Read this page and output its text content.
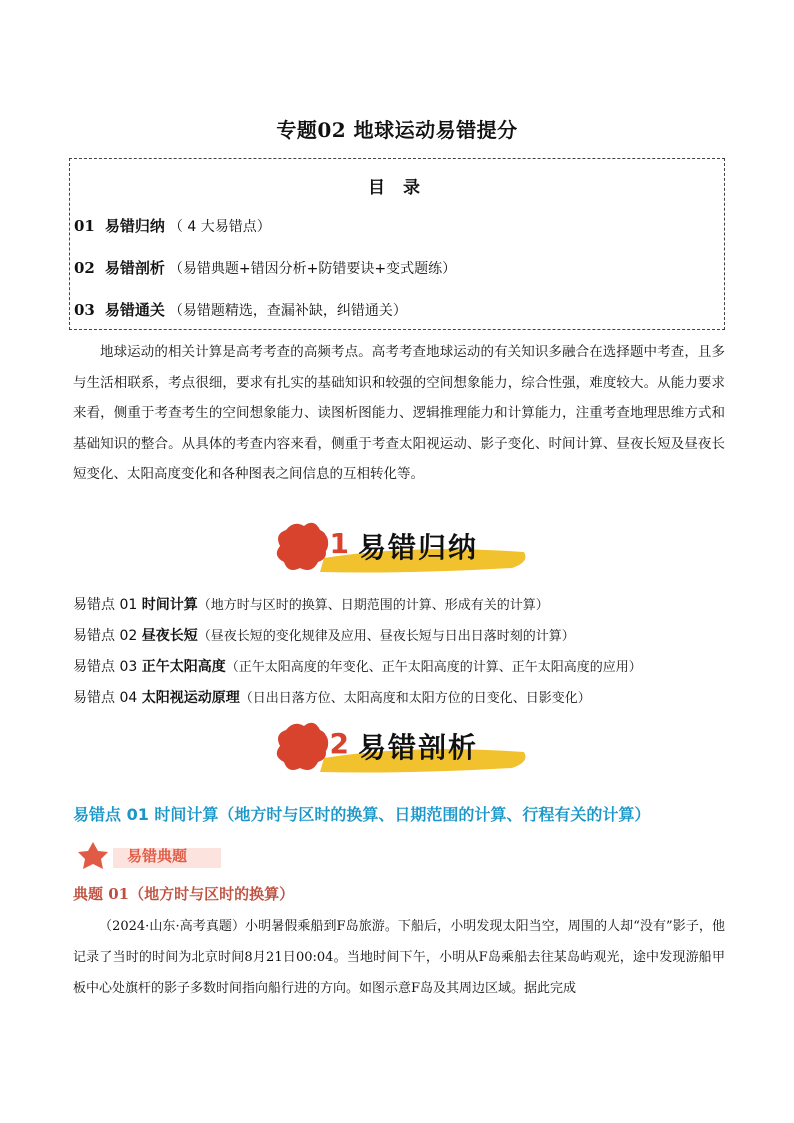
专题02 地球运动易错提分
目 录
01 易错归纳 （ 4 大易错点）
02 易错剖析 （易错典题+错因分析+防错要诀+变式题练）
03 易错通关 （易错题精选，查漏补缺，纠错通关）

地球运动的相关计算是高考考查的高频考点。高考考查地球运动的有关知识多融合在选择题中考查，且多与生活相联系，考点很细，要求有扎实的基础知识和较强的空间想象能力，综合性强，难度较大。从能力要求来看，侧重于考查考生的空间想象能力、读图析图能力、逻辑推理能力和计算能力，注重考查地理思维方式和基础知识的整合。从具体的考查内容来看，侧重于考查太阳视运动、影子变化、时间计算、昼夜长短及昼夜长短变化、太阳高度变化和各种图表之间信息的互相转化等。

01 易错归纳
易错点 01 时间计算（地方时与区时的换算、日期范围的计算、形成有关的计算）
易错点 02 昼夜长短（昼夜长短的变化规律及应用、昼夜长短与日出日落时刻的计算）
易错点 03 正午太阳高度（正午太阳高度的年变化、正午太阳高度的计算、正午太阳高度的应用）
易错点 04 太阳视运动原理（日出日落方位、太阳高度和太阳方位的日变化、日影变化）
02 易错剖析
易错点 01 时间计算（地方时与区时的换算、日期范围的计算、行程有关的计算）
易错典题
典题 01（地方时与区时的换算）

（2024·山东·高考真题）小明暑假乘船到F岛旅游。下船后，小明发现太阳当空，周围的人却“没有”影子，他记录了当时的时间为北京时间8月21日00:04。当地时间下午，小明从F岛乘船去往某岛屿观光，途中发现游船甲板中心处旗杆的影子多数时间指向船行进的方向。如图示意F岛及其周边区域。据此完成
